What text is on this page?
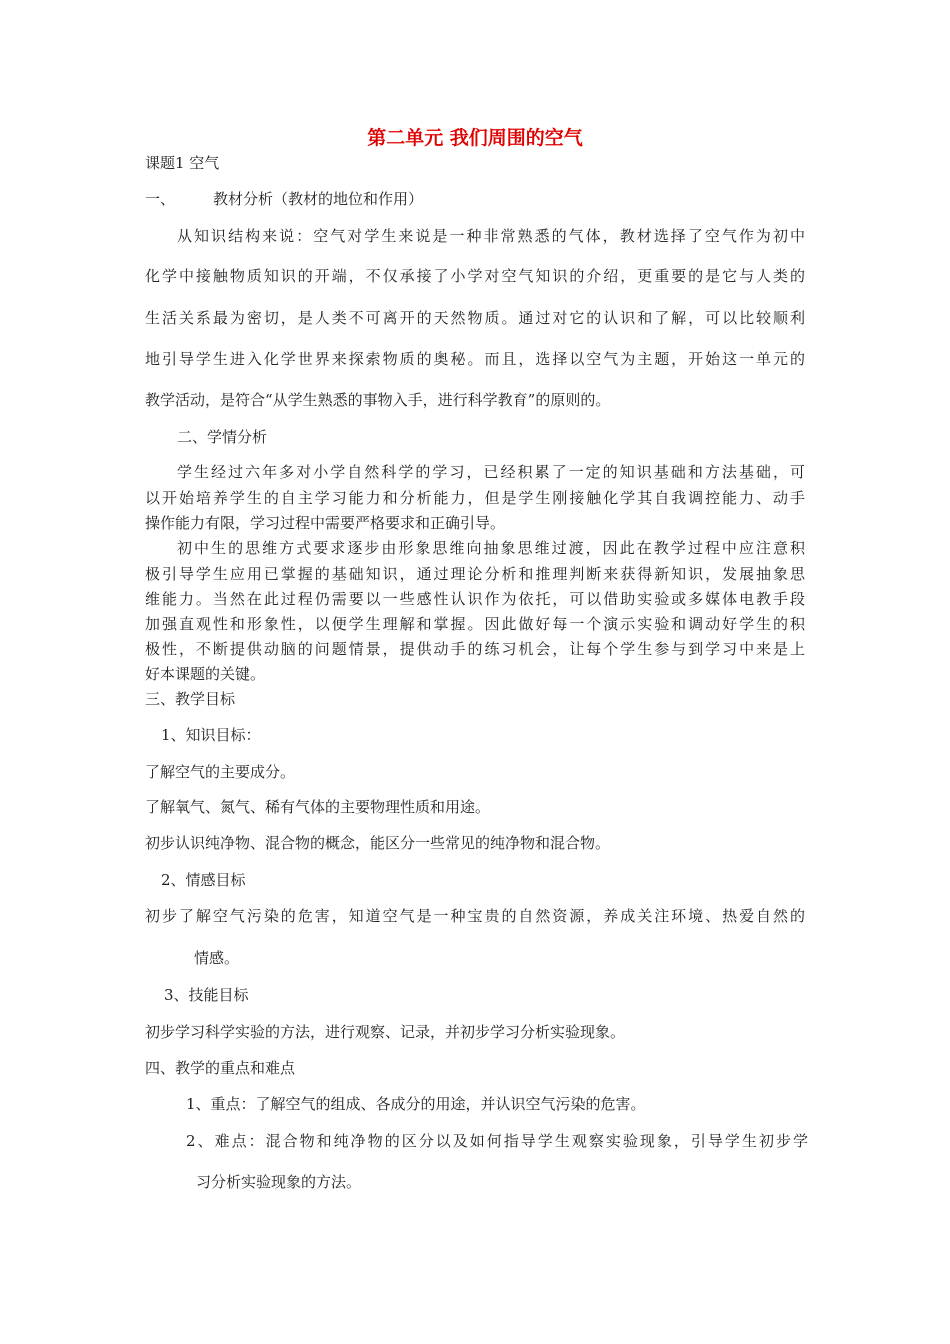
第二单元 我们周围的空气
课题1 空气
一、	教材分析（教材的地位和作用）
从知识结构来说：空气对学生来说是一种非常熟悉的气体，教材选择了空气作为初中
化学中接触物质知识的开端，不仅承接了小学对空气知识的介绍，更重要的是它与人类的
生活关系最为密切，是人类不可离开的天然物质。通过对它的认识和了解，可以比较顺利
地引导学生进入化学世界来探索物质的奥秘。而且，选择以空气为主题，开始这一单元的
教学活动，是符合“从学生熟悉的事物入手，进行科学教育”的原则的。
二、学情分析
学生经过六年多对小学自然科学的学习，已经积累了一定的知识基础和方法基础，可
以开始培养学生的自主学习能力和分析能力，但是学生刚接触化学其自我调控能力、动手
操作能力有限，学习过程中需要严格要求和正确引导。
初中生的思维方式要求逐步由形象思维向抽象思维过渡，因此在教学过程中应注意积
极引导学生应用已掌握的基础知识，通过理论分析和推理判断来获得新知识，发展抽象思
维能力。当然在此过程仍需要以一些感性认识作为依托，可以借助实验或多媒体电教手段
加强直观性和形象性，以便学生理解和掌握。因此做好每一个演示实验和调动好学生的积
极性，不断提供动脑的问题情景，提供动手的练习机会，让每个学生参与到学习中来是上
好本课题的关键。
三、教学目标
1、知识目标：
了解空气的主要成分。
了解氧气、氮气、稀有气体的主要物理性质和用途。
初步认识纯净物、混合物的概念，能区分一些常见的纯净物和混合物。
2、情感目标
初步了解空气污染的危害，知道空气是一种宝贵的自然资源，养成关注环境、热爱自然的
情感。
3、技能目标
初步学习科学实验的方法，进行观察、记录，并初步学习分析实验现象。
四、教学的重点和难点
1、重点：了解空气的组成、各成分的用途，并认识空气污染的危害。
2、难点：混合物和纯净物的区分以及如何指导学生观察实验现象，引导学生初步学
习分析实验现象的方法。
